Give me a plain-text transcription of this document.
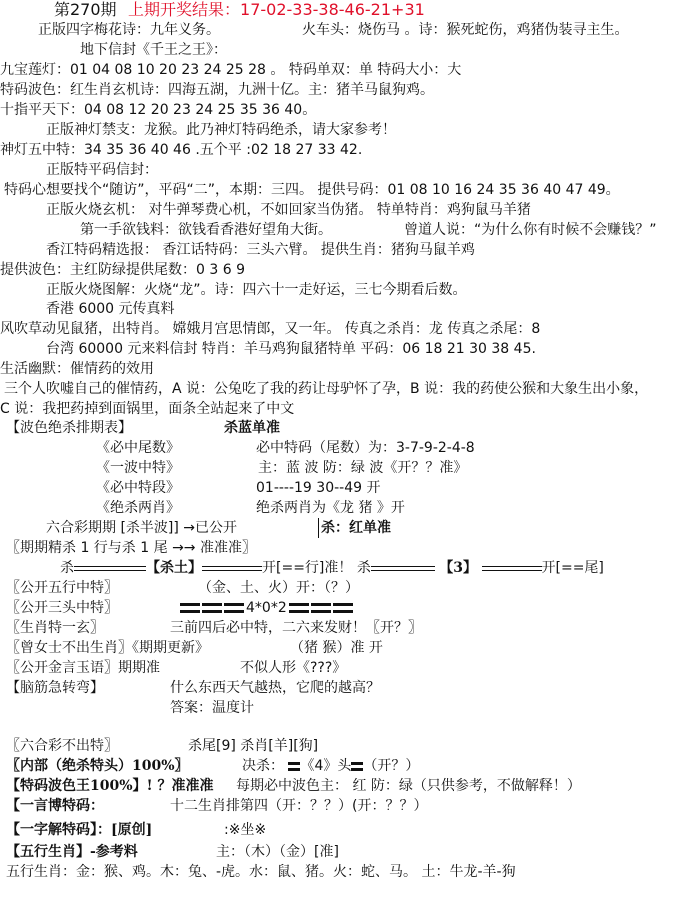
第270期 上期开奖结果：17-02-33-38-46-21+31
正版四字梅花诗：九年义务。	火车头：烧伤马 。诗：猴死蛇伤，鸡猪伪装寻主生。
地下信封《千王之王》：
九宝莲灯：01 04 08 10 20 23 24 25 28 。 特码单双：单 特码大小：大
特码波色：红生肖玄机诗：四海五湖，九洲十亿。主：猪羊马鼠狗鸡。
十指平天下：04 08 12 20 23 24 25 35 36 40。
正版神灯禁支：龙猴。此乃神灯特码绝杀，请大家参考！
神灯五中特：34 35 36 40 46 .五个平 :02 18 27 33 42.
正版特平码信封：
特码心想要找个“随访”，平码“二”，本期：三四。 提供号码：01 08 10 16 24 35 36 40 47 49。
正版火烧玄机： 对牛弹琴费心机，不如回家当伪猪。 特单特肖：鸡狗鼠马羊猪
第一手欲钱料：欲钱看香港好望角大街。	曾道人说：“为什么你有时候不会赚钱？”
香江特码精选报： 香江话特码：三头六臂。 提供生肖：猪狗马鼠羊鸡
提供波色：主红防绿提供尾数：0 3 6 9
正版火烧图解：火烧“龙”。诗：四六十一走好运，三七今期看后数。
香港 6000 元传真料
风吹草动见鼠猪，出特肖。 嫦娥月宫思情郎，又一年。 传真之杀肖：龙 传真之杀尾：8
台湾 60000 元来料信封 特肖：羊马鸡狗鼠猪特单 平码：06 18 21 30 38 45.
生活幽默：催情药的效用
三个人吹嘘自己的催情药，A 说：公兔吃了我的药让母驴怀了孕，B 说：我的药使公猴和大象生出小象，
C 说：我把药掉到面锅里，面条全站起来了中文
【波色绝杀排期表】	杀蓝单准
《必中尾数》	必中特码（尾数）为：3-7-9-2-4-8
《一波中特》	主：蓝 波 防：绿 波《开？？准》
《必中特段》	01----19 30--49 开
《绝杀两肖》	绝杀两肖为《龙 猪 》开
六合彩期期 [杀半波]] →已公开	杀：红单准
〖期期精杀 1 行与杀 1 尾 →→ 准准准〗
杀	【杀土】	开[==行]准！ 杀	【3】	开[==尾]
〖公开五行中特〗	（金、土、火）开：（？）
〖公开三头中特〗	4*0*2
〖生肖特一玄〗	三前四后必中特，二六来发财！〖开？〗
〖曾女士不出生肖〗《期期更新》	（猪 猴）准 开
〖公开金言玉语〗期期准	不似人形《???》
【脑筋急转弯】	什么东西天气越热，它爬的越高？
答案：温度计
〖六合彩不出特〗	杀尾[9] 杀肖[羊][狗]
〖内部（绝杀特头）100%〗	决杀： 《4》头 （开？）
【特码波色王100%】! ？准准准 每期必中波色主： 红 防：绿（只供参考，不做解释！）
【一言博特码：	十二生肖排第四（开：？？）(开：？？）
【一字解特码】：[原创]	:※坐※
【五行生肖】-参考料	主：（木）（金）[准]
五行生肖：金：猴、鸡。木：兔、-虎。水：鼠、猪。火：蛇、马。 土：牛龙-羊-狗
